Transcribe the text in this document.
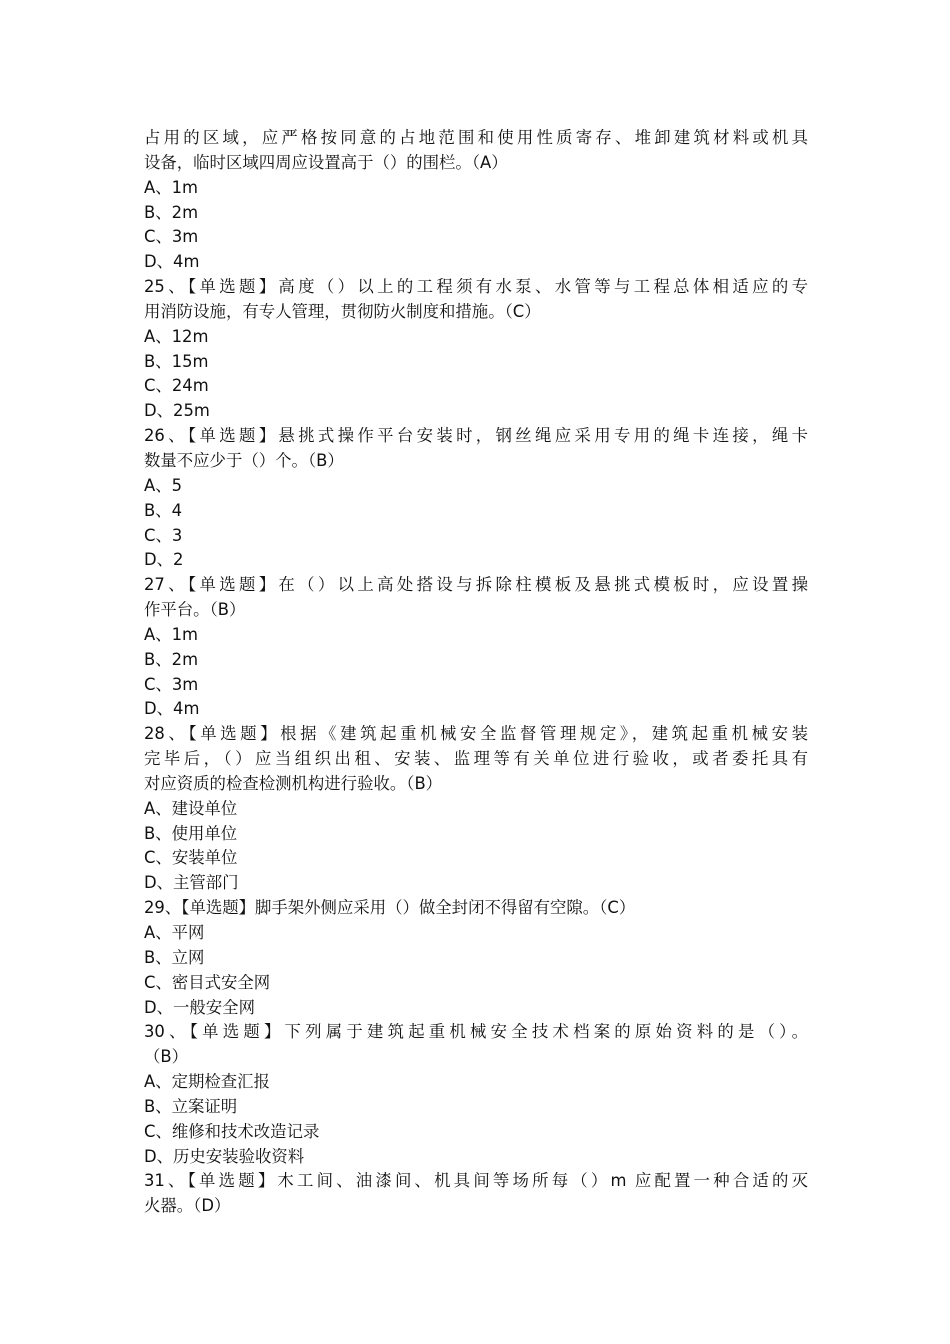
占用的区域，应严格按同意的占地范围和使用性质寄存、堆卸建筑材料或机具
设备，临时区域四周应设置高于（）的围栏。（A）
A、1m
B、2m
C、3m
D、4m
25、【单选题】高度（）以上的工程须有水泵、水管等与工程总体相适应的专
用消防设施，有专人管理，贯彻防火制度和措施。（C）
A、12m
B、15m
C、24m
D、25m
26、【单选题】悬挑式操作平台安装时，钢丝绳应采用专用的绳卡连接，绳卡
数量不应少于（）个。（B）
A、5
B、4
C、3
D、2
27、【单选题】在（）以上高处搭设与拆除柱模板及悬挑式模板时，应设置操
作平台。（B）
A、1m
B、2m
C、3m
D、4m
28、【单选题】根据《建筑起重机械安全监督管理规定》，建筑起重机械安装
完毕后，（）应当组织出租、安装、监理等有关单位进行验收，或者委托具有
对应资质的检查检测机构进行验收。（B）
A、建设单位
B、使用单位
C、安装单位
D、主管部门
29、【单选题】脚手架外侧应采用（）做全封闭不得留有空隙。（C）
A、平网
B、立网
C、密目式安全网
D、一般安全网
30、【单选题】下列属于建筑起重机械安全技术档案的原始资料的是（）。
（B）
A、定期检查汇报
B、立案证明
C、维修和技术改造记录
D、历史安装验收资料
31、【单选题】木工间、油漆间、机具间等场所每（）m 应配置一种合适的灭
火器。（D）
